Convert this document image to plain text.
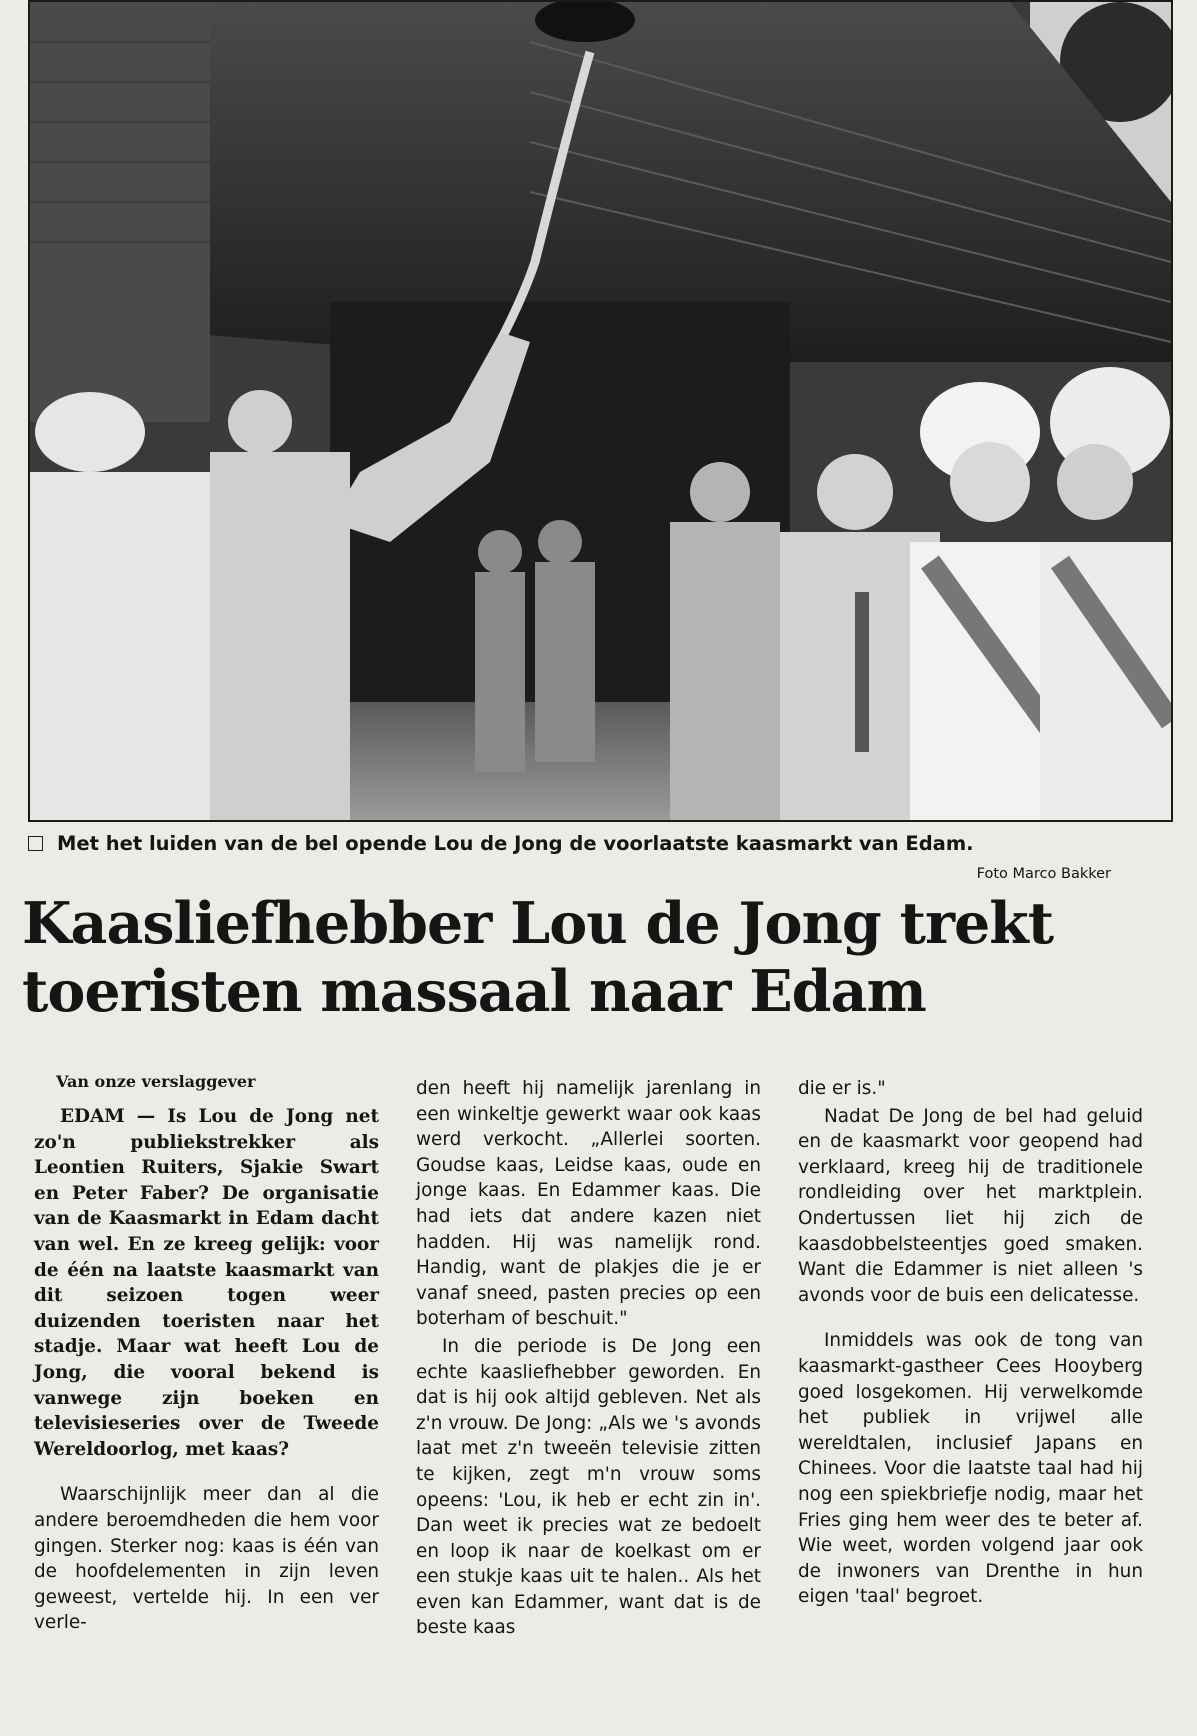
Met het luiden van de bel opende Lou de Jong de voorlaatste kaasmarkt van Edam.
Foto Marco Bakker
Kaasliefhebber Lou de Jong trekt
toeristen massaal naar Edam
Van onze verslaggever

EDAM — Is Lou de Jong net zo'n publiekstrekker als Leontien Ruiters, Sjakie Swart en Peter Faber? De organisatie van de Kaasmarkt in Edam dacht van wel. En ze kreeg gelijk: voor de één na laatste kaasmarkt van dit seizoen togen weer duizenden toeristen naar het stadje. Maar wat heeft Lou de Jong, die vooral bekend is vanwege zijn boeken en televisieseries over de Tweede Wereldoorlog, met kaas?

Waarschijnlijk meer dan al die andere beroemdheden die hem voor gingen. Sterker nog: kaas is één van de hoofdelementen in zijn leven geweest, vertelde hij. In een ver verle-

den heeft hij namelijk jarenlang in een winkeltje gewerkt waar ook kaas werd verkocht. „Allerlei soorten. Goudse kaas, Leidse kaas, oude en jonge kaas. En Edammer kaas. Die had iets dat andere kazen niet hadden. Hij was namelijk rond. Handig, want de plakjes die je er vanaf sneed, pasten precies op een boterham of beschuit."

In die periode is De Jong een echte kaasliefhebber geworden. En dat is hij ook altijd gebleven. Net als z'n vrouw. De Jong: „Als we 's avonds laat met z'n tweeën televisie zitten te kijken, zegt m'n vrouw soms opeens: 'Lou, ik heb er echt zin in'. Dan weet ik precies wat ze bedoelt en loop ik naar de koelkast om er een stukje kaas uit te halen.. Als het even kan Edammer, want dat is de beste kaas

die er is."

Nadat De Jong de bel had geluid en de kaasmarkt voor geopend had verklaard, kreeg hij de traditionele rondleiding over het marktplein. Ondertussen liet hij zich de kaasdobbelsteentjes goed smaken. Want die Edammer is niet alleen 's avonds voor de buis een delicatesse.

Inmiddels was ook de tong van kaasmarkt-gastheer Cees Hooyberg goed losgekomen. Hij verwelkomde het publiek in vrijwel alle wereldtalen, inclusief Japans en Chinees. Voor die laatste taal had hij nog een spiekbriefje nodig, maar het Fries ging hem weer des te beter af. Wie weet, worden volgend jaar ook de inwoners van Drenthe in hun eigen 'taal' begroet.
